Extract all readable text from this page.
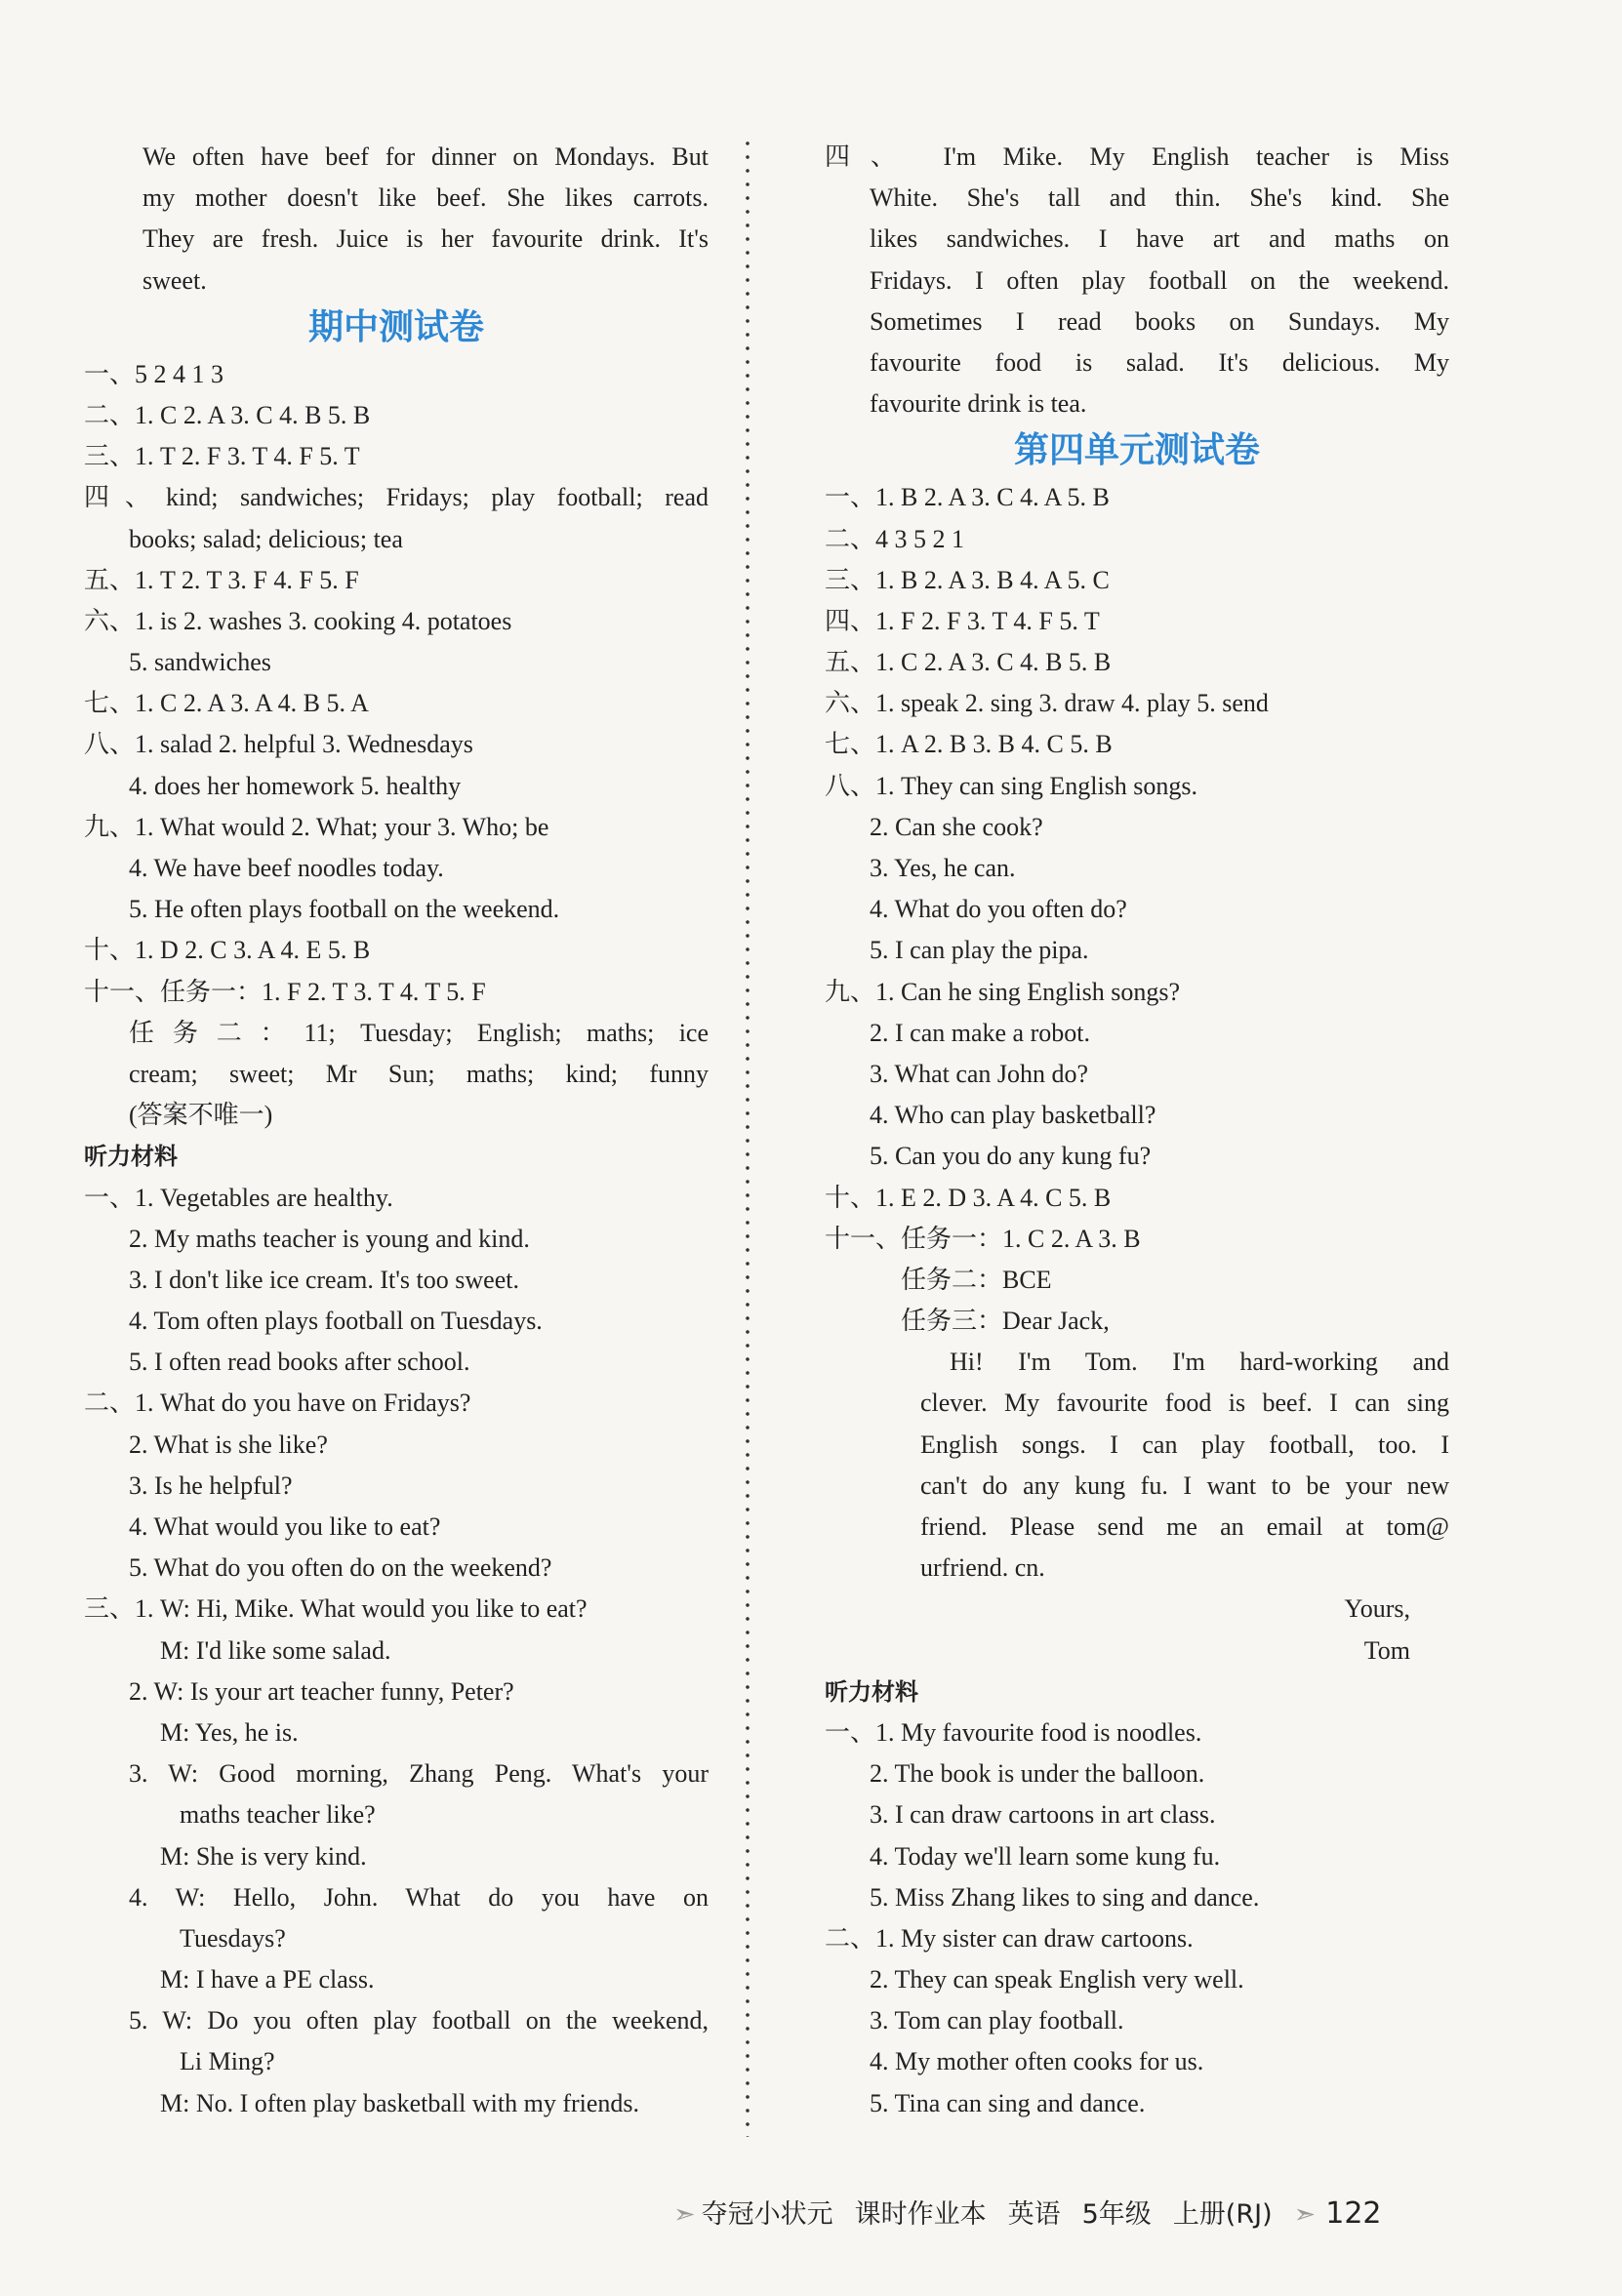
We often have beef for dinner on Mondays. But
my mother doesn't like beef. She likes carrots.
They are fresh. Juice is her favourite drink. It's
sweet.
期中测试卷
一、5 2 4 1 3
二、1. C 2. A 3. C 4. B 5. B
三、1. T 2. F 3. T 4. F 5. T
四、kind; sandwiches; Fridays; play football; read
books; salad; delicious; tea
五、1. T 2. T 3. F 4. F 5. F
六、1. is 2. washes 3. cooking 4. potatoes
5. sandwiches
七、1. C 2. A 3. A 4. B 5. A
八、1. salad 2. helpful 3. Wednesdays
4. does her homework 5. healthy
九、1. What would 2. What; your 3. Who; be
4. We have beef noodles today.
5. He often plays football on the weekend.
十、1. D 2. C 3. A 4. E 5. B
十一、任务一：1. F 2. T 3. T 4. T 5. F
任务二：11; Tuesday; English; maths; ice
cream; sweet; Mr Sun; maths; kind; funny
(答案不唯一)
听力材料
一、1. Vegetables are healthy.
2. My maths teacher is young and kind.
3. I don't like ice cream. It's too sweet.
4. Tom often plays football on Tuesdays.
5. I often read books after school.
二、1. What do you have on Fridays?
2. What is she like?
3. Is he helpful?
4. What would you like to eat?
5. What do you often do on the weekend?
三、1. W: Hi, Mike. What would you like to eat?
M: I'd like some salad.
2. W: Is your art teacher funny, Peter?
M: Yes, he is.
3. W: Good morning, Zhang Peng. What's your
maths teacher like?
M: She is very kind.
4. W: Hello, John. What do you have on
Tuesdays?
M: I have a PE class.
5. W: Do you often play football on the weekend,
Li Ming?
M: No. I often play basketball with my friends.
四、 I'm Mike. My English teacher is Miss
White. She's tall and thin. She's kind. She
likes sandwiches. I have art and maths on
Fridays. I often play football on the weekend.
Sometimes I read books on Sundays. My
favourite food is salad. It's delicious. My
favourite drink is tea.
第四单元测试卷
一、1. B 2. A 3. C 4. A 5. B
二、4 3 5 2 1
三、1. B 2. A 3. B 4. A 5. C
四、1. F 2. F 3. T 4. F 5. T
五、1. C 2. A 3. C 4. B 5. B
六、1. speak 2. sing 3. draw 4. play 5. send
七、1. A 2. B 3. B 4. C 5. B
八、1. They can sing English songs.
2. Can she cook?
3. Yes, he can.
4. What do you often do?
5. I can play the pipa.
九、1. Can he sing English songs?
2. I can make a robot.
3. What can John do?
4. Who can play basketball?
5. Can you do any kung fu?
十、1. E 2. D 3. A 4. C 5. B
十一、任务一：1. C 2. A 3. B
任务二：BCE
任务三：Dear Jack,
Hi! I'm Tom. I'm hard-working and
clever. My favourite food is beef. I can sing
English songs. I can play football, too. I
can't do any kung fu. I want to be your new
friend. Please send me an email at tom@
urfriend. cn.
Yours,
Tom
听力材料
一、1. My favourite food is noodles.
2. The book is under the balloon.
3. I can draw cartoons in art class.
4. Today we'll learn some kung fu.
5. Miss Zhang likes to sing and dance.
二、1. My sister can draw cartoons.
2. They can speak English very well.
3. Tom can play football.
4. My mother often cooks for us.
5. Tina can sing and dance.
➣ 夺冠小状元 课时作业本 英语 5年级 上册(RJ) ➣ 122
